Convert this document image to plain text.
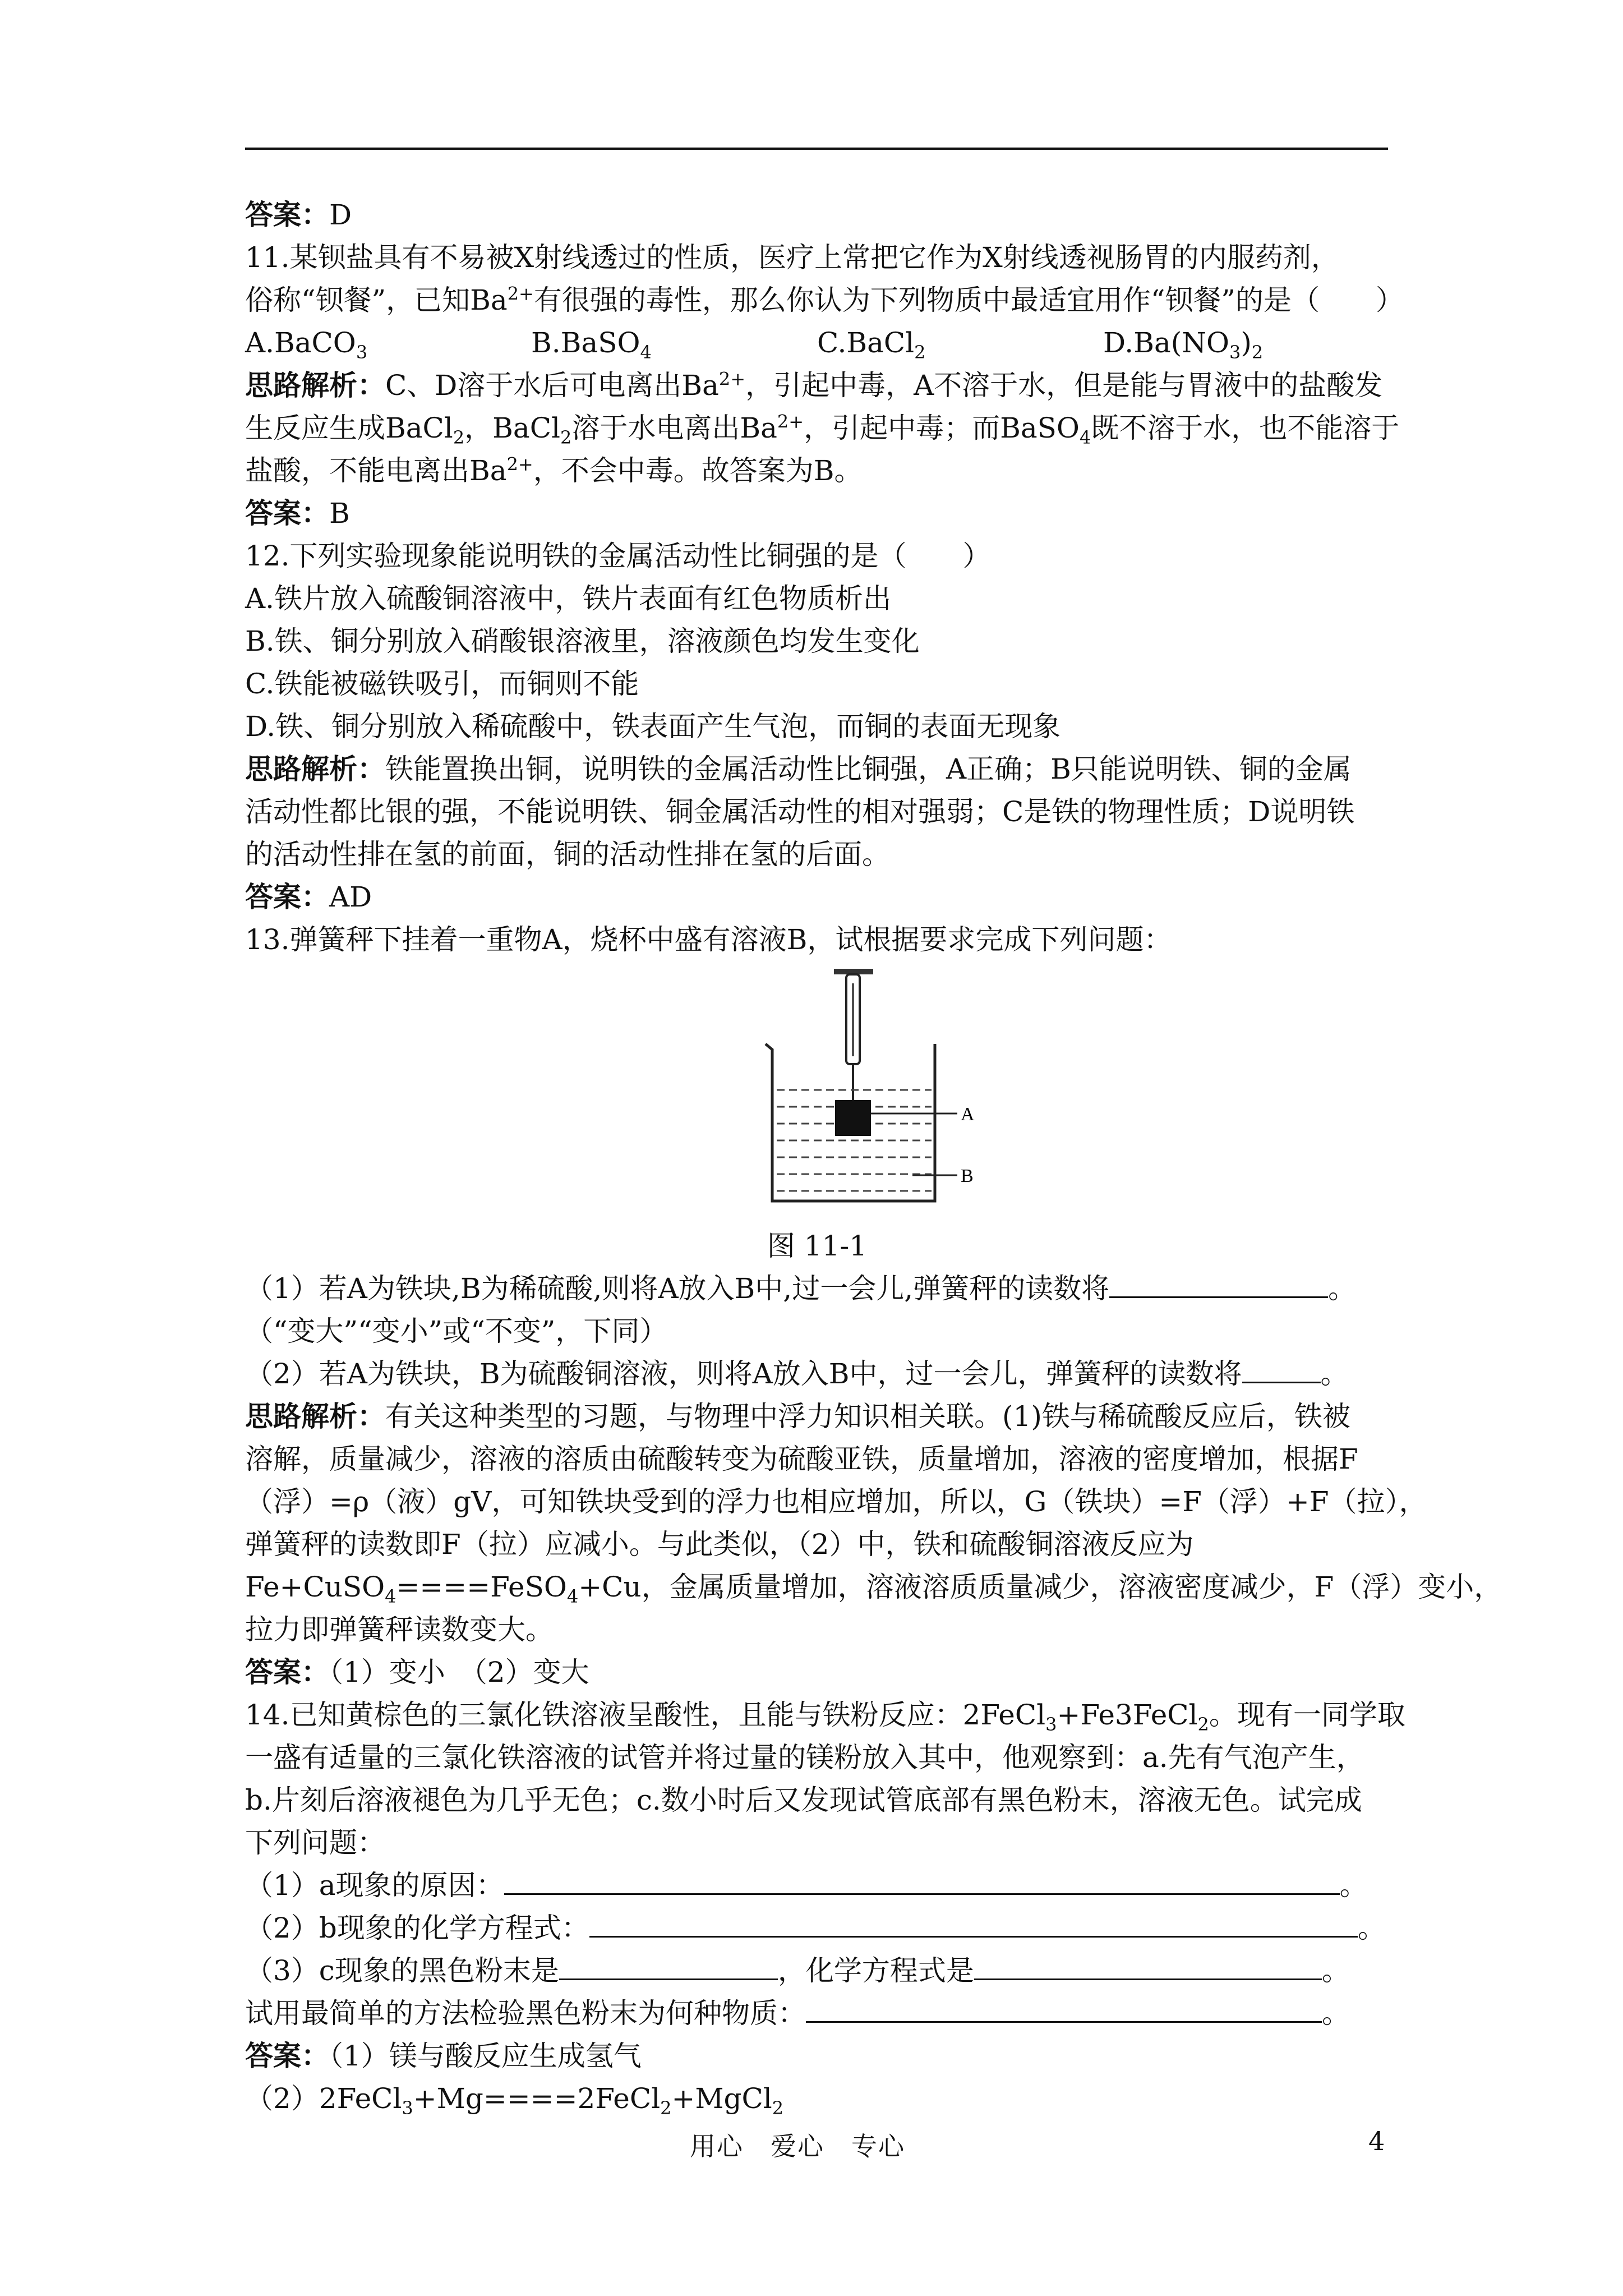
答案：D
11.某钡盐具有不易被X射线透过的性质，医疗上常把它作为X射线透视肠胃的内服药剂，
俗称“钡餐”，已知$Ba^{2+}$有很强的毒性，那么你认为下列物质中最适宜用作“钡餐”的是（　　）
A.BaCO$_3$	B.BaSO$_4$	C.BaCl$_2$	$D.Ba(NO_3)_2$
思路解析：C、D溶于水后可电离出$Ba^{2+}$，引起中毒，A不溶于水，但是能与胃液中的盐酸发
生反应生成BaCl$_2$，BaCl$_2$溶于水电离出$Ba^{2+}$，引起中毒；而BaSO$_4$既不溶于水，也不能溶于
盐酸，不能电离出$Ba^{2+}$，不会中毒。故答案为B。
答案：B
12.下列实验现象能说明铁的金属活动性比铜强的是（　　）
A.铁片放入硫酸铜溶液中，铁片表面有红色物质析出
B.铁、铜分别放入硝酸银溶液里，溶液颜色均发生变化
C.铁能被磁铁吸引，而铜则不能
D.铁、铜分别放入稀硫酸中，铁表面产生气泡，而铜的表面无现象
思路解析：铁能置换出铜，说明铁的金属活动性比铜强，A正确；B只能说明铁、铜的金属
活动性都比银的强，不能说明铁、铜金属活动性的相对强弱；C是铁的物理性质；D说明铁
的活动性排在氢的前面，铜的活动性排在氢的后面。
答案：AD
13.弹簧秤下挂着一重物A，烧杯中盛有溶液B，试根据要求完成下列问题：
A
B
图 11-1
（1）若A为铁块,B为稀硫酸,则将A放入B中,过一会儿,弹簧秤的读数将	。
（“变大”“变小”或“不变”，下同）
（2）若A为铁块，B为硫酸铜溶液，则将A放入B中，过一会儿，弹簧秤的读数将	。
思路解析：有关这种类型的习题，与物理中浮力知识相关联。(1)铁与稀硫酸反应后，铁被
溶解，质量减少，溶液的溶质由硫酸转变为硫酸亚铁，质量增加，溶液的密度增加，根据F
（浮）=ρ（液）gV，可知铁块受到的浮力也相应增加，所以，G（铁块）=F（浮）+F（拉），
弹簧秤的读数即F（拉）应减小。与此类似，（2）中，铁和硫酸铜溶液反应为
Fe+CuSO$_4$====FeSO$_4$+Cu，金属质量增加，溶液溶质质量减少，溶液密度减少，F（浮）变小，
拉力即弹簧秤读数变大。
答案：（1）变小　（2）变大
14.已知黄棕色的三氯化铁溶液呈酸性，且能与铁粉反应：2FeCl$_3$+Fe3FeCl$_2$。现有一同学取
一盛有适量的三氯化铁溶液的试管并将过量的镁粉放入其中，他观察到：a.先有气泡产生，
b.片刻后溶液褪色为几乎无色；c.数小时后又发现试管底部有黑色粉末，溶液无色。试完成
下列问题：
（1）a现象的原因：	。
（2）b现象的化学方程式：	。
（3）c现象的黑色粉末是	，化学方程式是	。
试用最简单的方法检验黑色粉末为何种物质：	。
答案：（1）镁与酸反应生成氢气
（2）2FeCl$_3$+Mg====2FeCl$_2$+MgCl$_2$
用心　爱心　专心	4
